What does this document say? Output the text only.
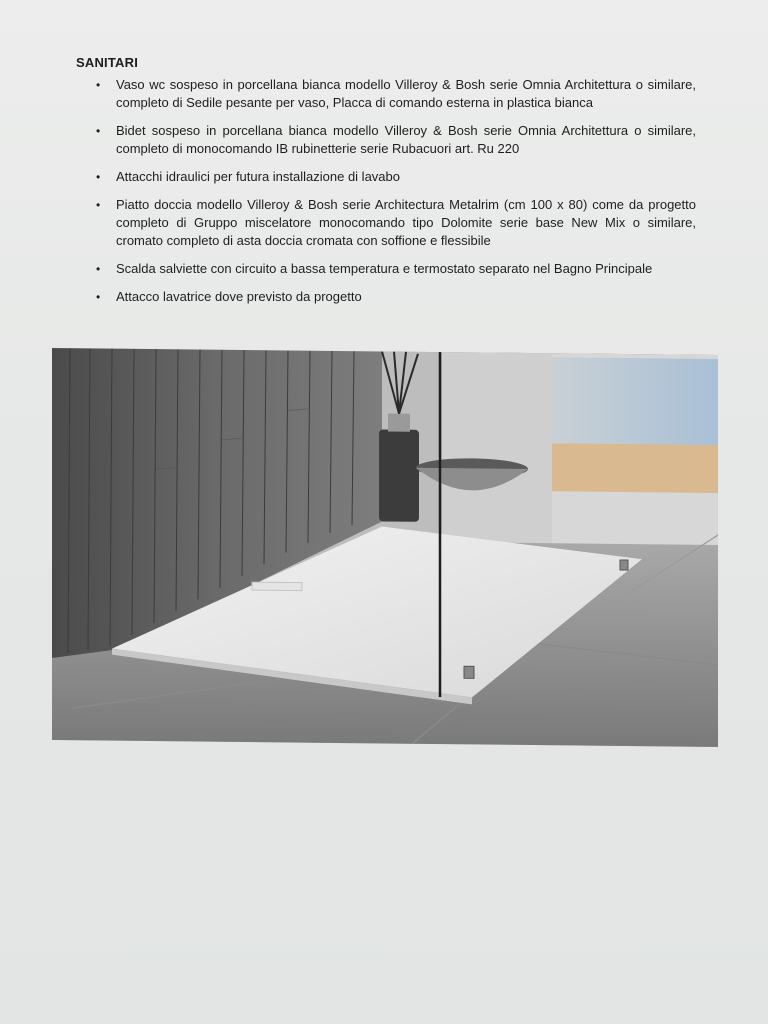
SANITARI
• Vaso wc sospeso in porcellana bianca modello Villeroy & Bosh serie Omnia Architettura o similare, completo di Sedile pesante per vaso, Placca di comando esterna in plastica bianca
• Bidet sospeso in porcellana bianca modello Villeroy & Bosh serie Omnia Architettura o similare, completo di monocomando IB rubinetterie serie Rubacuori art. Ru 220
• Attacchi idraulici per futura installazione di lavabo
• Piatto doccia modello Villeroy & Bosh serie Architectura Metalrim (cm 100 x 80) come da progetto completo di Gruppo miscelatore monocomando tipo Dolomite serie base New Mix o similare, cromato completo di asta doccia cromata con soffione e flessibile
• Scalda salviette con circuito a bassa temperatura e termostato separato nel Bagno Principale
• Attacco lavatrice dove previsto da progetto
